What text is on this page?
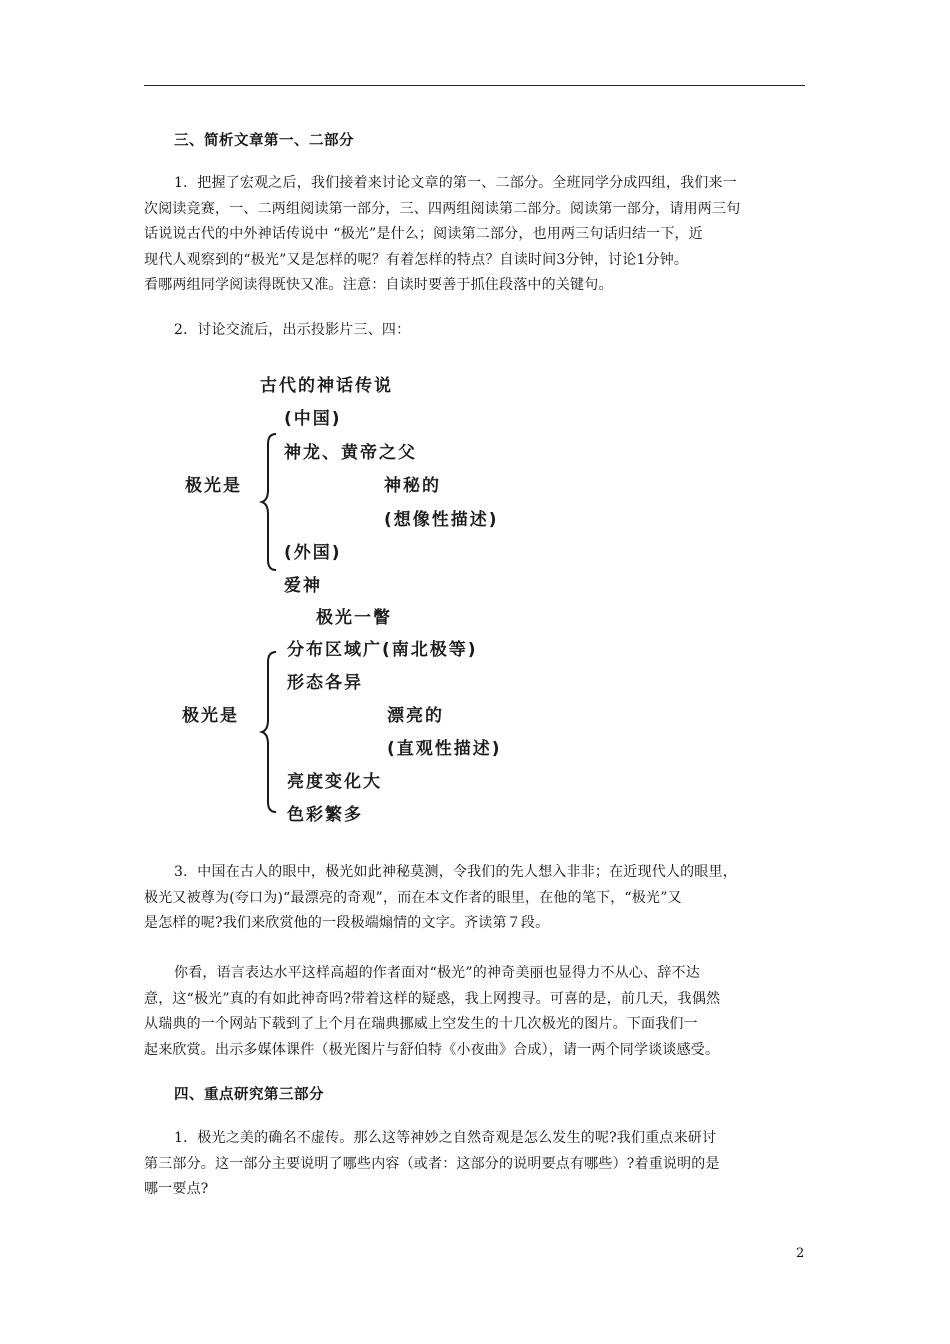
三、简析文章第一、二部分
1．把握了宏观之后，我们接着来讨论文章的第一、二部分。全班同学分成四组，我们来一
次阅读竞赛，一、二两组阅读第一部分，三、四两组阅读第二部分。阅读第一部分，请用两三句
话说说古代的中外神话传说中 “极光”是什么；阅读第二部分，也用两三句话归结一下，近
现代人观察到的“极光”又是怎样的呢？有着怎样的特点？自读时间3分钟，讨论1分钟。
看哪两组同学阅读得既快又准。注意：自读时要善于抓住段落中的关键句。
2．讨论交流后，出示投影片三、四：
古代的神话传说
(中国)
极光是
神龙、黄帝之父
神秘的
(想像性描述)
(外国)
爱神
极光一瞥
极光是
分布区域广(南北极等)
形态各异
漂亮的
(直观性描述)
亮度变化大
色彩繁多
3．中国在古人的眼中，极光如此神秘莫测，令我们的先人想入非非；在近现代人的眼里，
极光又被尊为(夸口为)“最漂亮的奇观”，而在本文作者的眼里，在他的笔下，“极光”又
是怎样的呢?我们来欣赏他的一段极端煽情的文字。齐读第７段。
你看，语言表达水平这样高超的作者面对“极光”的神奇美丽也显得力不从心、辞不达
意，这“极光”真的有如此神奇吗?带着这样的疑惑，我上网搜寻。可喜的是，前几天，我偶然
从瑞典的一个网站下载到了上个月在瑞典挪威上空发生的十几次极光的图片。下面我们一
起来欣赏。出示多媒体课件（极光图片与舒伯特《小夜曲》合成），请一两个同学谈谈感受。
四、重点研究第三部分
1．极光之美的确名不虚传。那么这等神妙之自然奇观是怎么发生的呢?我们重点来研讨
第三部分。这一部分主要说明了哪些内容（或者：这部分的说明要点有哪些）?着重说明的是
哪一要点?
2
